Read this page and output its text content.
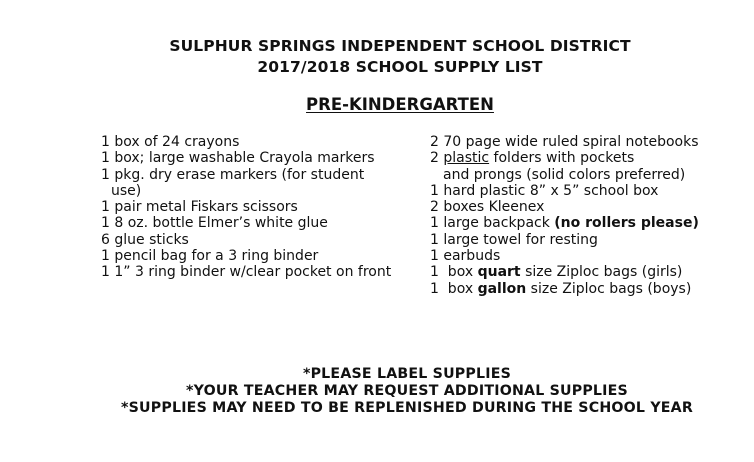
SULPHUR SPRINGS INDEPENDENT SCHOOL DISTRICT
2017/2018 SCHOOL SUPPLY LIST
PRE-KINDERGARTEN
1 box of 24 crayons
1 box; large washable Crayola markers
1 pkg. dry erase markers (for student
use)
1 pair metal Fiskars scissors
1 8 oz. bottle Elmer’s white glue
6 glue sticks
1 pencil bag for a 3 ring binder
1 1” 3 ring binder w/clear pocket on front
2 70 page wide ruled spiral notebooks
2 plastic folders with pockets
and prongs (solid colors preferred)
1 hard plastic 8” x 5” school box
2 boxes Kleenex
1 large backpack (no rollers please)
1 large towel for resting
1 earbuds
1  box quart size Ziploc bags (girls)
1  box gallon size Ziploc bags (boys)
*PLEASE LABEL SUPPLIES
*YOUR TEACHER MAY REQUEST ADDITIONAL SUPPLIES
*SUPPLIES MAY NEED TO BE REPLENISHED DURING THE SCHOOL YEAR
